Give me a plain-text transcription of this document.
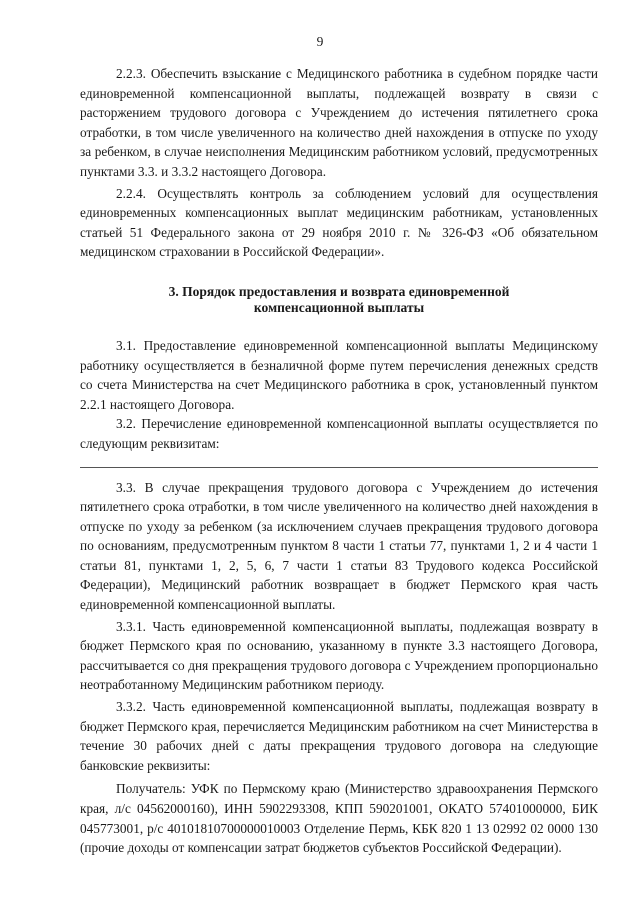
9

2.2.3. Обеспечить взыскание с Медицинского работника в судебном порядке части единовременной компенсационной выплаты, подлежащей возврату в связи с расторжением трудового договора с Учреждением до истечения пятилетнего срока отработки, в том числе увеличенного на количество дней нахождения в отпуске по уходу за ребенком, в случае неисполнения Медицинским работником условий, предусмотренных пунктами 3.3. и 3.3.2 настоящего Договора.

2.2.4. Осуществлять контроль за соблюдением условий для осуществления единовременных компенсационных выплат медицинским работникам, установленных статьей 51 Федерального закона от 29 ноября 2010 г. № 326-ФЗ «Об обязательном медицинском страховании в Российской Федерации».

3. Порядок предоставления и возврата единовременной
компенсационной выплаты

3.1. Предоставление единовременной компенсационной выплаты Медицинскому работнику осуществляется в безналичной форме путем перечисления денежных средств со счета Министерства на счет Медицинского работника в срок, установленный пунктом 2.2.1 настоящего Договора.

3.2. Перечисление единовременной компенсационной выплаты осуществляется по следующим реквизитам:

3.3. В случае прекращения трудового договора с Учреждением до истечения пятилетнего срока отработки, в том числе увеличенного на количество дней нахождения в отпуске по уходу за ребенком (за исключением случаев прекращения трудового договора по основаниям, предусмотренным пунктом 8 части 1 статьи 77, пунктами 1, 2 и 4 части 1 статьи 81, пунктами 1, 2, 5, 6, 7 части 1 статьи 83 Трудового кодекса Российской Федерации), Медицинский работник возвращает в бюджет Пермского края часть единовременной компенсационной выплаты.

3.3.1. Часть единовременной компенсационной выплаты, подлежащая возврату в бюджет Пермского края по основанию, указанному в пункте 3.3 настоящего Договора, рассчитывается со дня прекращения трудового договора с Учреждением пропорционально неотработанному Медицинским работником периоду.

3.3.2. Часть единовременной компенсационной выплаты, подлежащая возврату в бюджет Пермского края, перечисляется Медицинским работником на счет Министерства в течение 30 рабочих дней с даты прекращения трудового договора на следующие банковские реквизиты:

Получатель: УФК по Пермскому краю (Министерство здравоохранения Пермского края, л/с 04562000160), ИНН 5902293308, КПП 590201001, ОКАТО 57401000000, БИК 045773001, р/с 40101810700000010003 Отделение Пермь, КБК 820 1 13 02992 02 0000 130 (прочие доходы от компенсации затрат бюджетов субъектов Российской Федерации).
